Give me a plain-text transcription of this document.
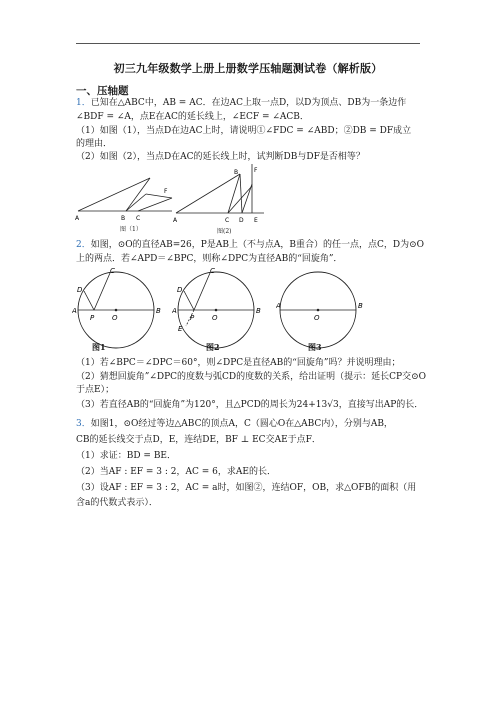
初三九年级数学上册上册数学压轴题测试卷（解析版）
一、压轴题
1．已知在△ABC中，AB = AC．在边AC上取一点D，以D为顶点、DB为一条边作
∠BDF = ∠A，点E在AC的延长线上，∠ECF = ∠ACB．
（1）如图（1），当点D在边AC上时，请说明①∠FDC = ∠ABD；②DB = DF成立
的理由．
（2）如图（2），当点D在AC的延长线上时，试判断DB与DF是否相等？
A	B C
F
图（1）
A	C D E
B	F
图(2)
2．如图，⊙O的直径AB=26，P是AB上（不与点A，B重合）的任一点，点C，D为⊙O
上的两点．若∠APD＝∠BPC，则称∠DPC为直径AB的“回旋角”．
C
D
A
P	O
B
图1
C
D
A
P	O
B
E
图2
A
O
B
图3
（1）若∠BPC＝∠DPC＝60°，则∠DPC是直径AB的“回旋角”吗？并说明理由；
（2）猜想回旋角”∠DPC的度数与弧CD的度数的关系，给出证明（提示：延长CP交⊙O
于点E）；
（3）若直径AB的“回旋角”为120°，且△PCD的周长为24+13√3，直接写出AP的长．
3．如图1，⊙O经过等边△ABC的顶点A，C（圆心O在△ABC内），分别与AB，
CB的延长线交于点D，E，连结DE，BF ⊥ EC交AE于点F．
（1）求证：BD = BE．
（2）当AF : EF = 3 : 2，AC = 6，求AE的长．
（3）设AF : EF = 3 : 2，AC = a时，如图②，连结OF，OB，求△OFB的面积（用
含a的代数式表示）．
